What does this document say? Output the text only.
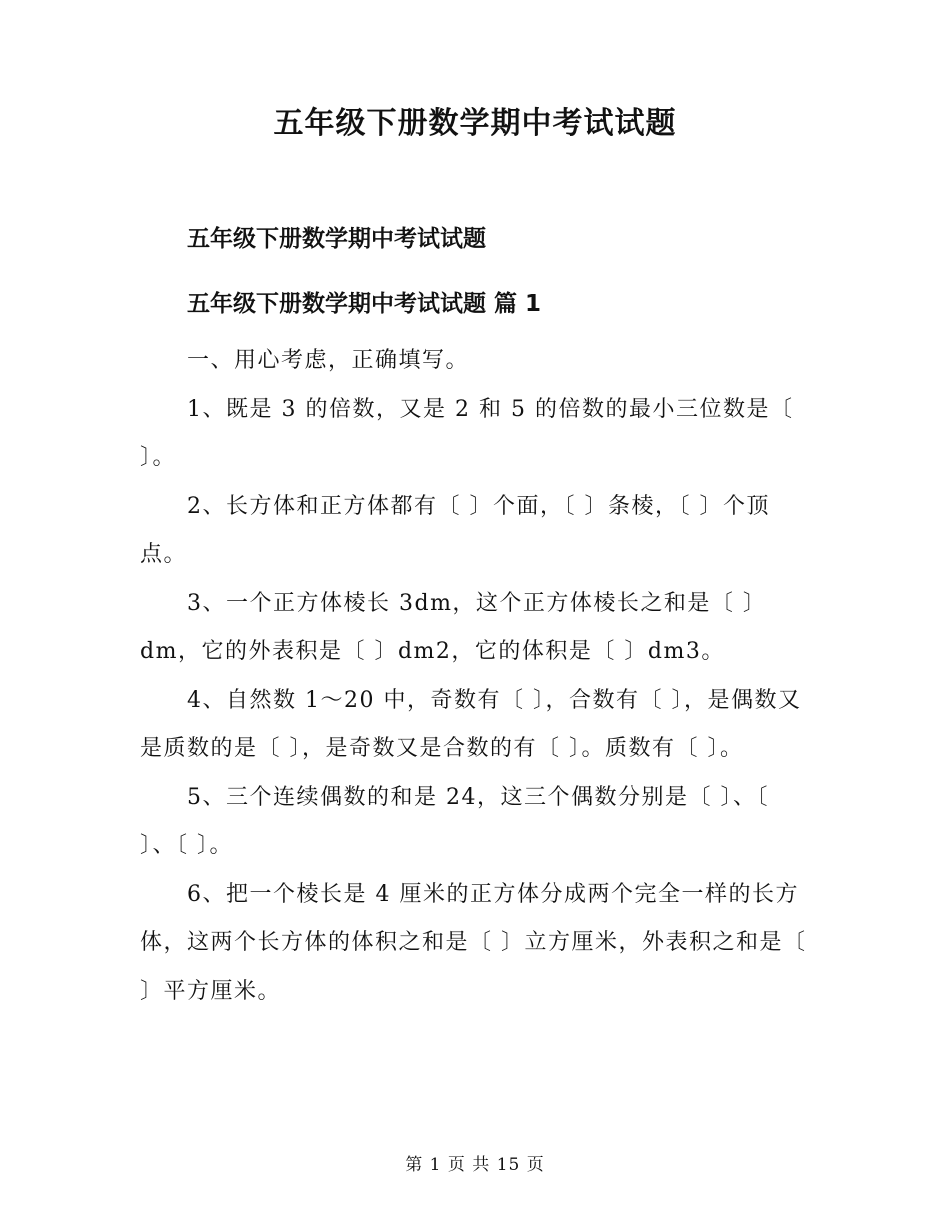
五年级下册数学期中考试试题
五年级下册数学期中考试试题
五年级下册数学期中考试试题 篇 1

一、用心考虑，正确填写。

1、既是 3 的倍数，又是 2 和 5 的倍数的最小三位数是〔 〕。

2、长方体和正方体都有〔 〕个面，〔 〕条棱，〔 〕个顶点。

3、一个正方体棱长 3dm，这个正方体棱长之和是〔 〕dm，它的外表积是〔 〕dm2，它的体积是〔 〕dm3。

4、自然数 1～20 中，奇数有〔 〕，合数有〔 〕，是偶数又是质数的是〔 〕，是奇数又是合数的有〔 〕。质数有〔 〕。

5、三个连续偶数的和是 24，这三个偶数分别是〔 〕、〔 〕、〔 〕。

6、把一个棱长是 4 厘米的正方体分成两个完全一样的长方体，这两个长方体的体积之和是〔 〕立方厘米，外表积之和是〔 〕平方厘米。

第 1 页 共 15 页
